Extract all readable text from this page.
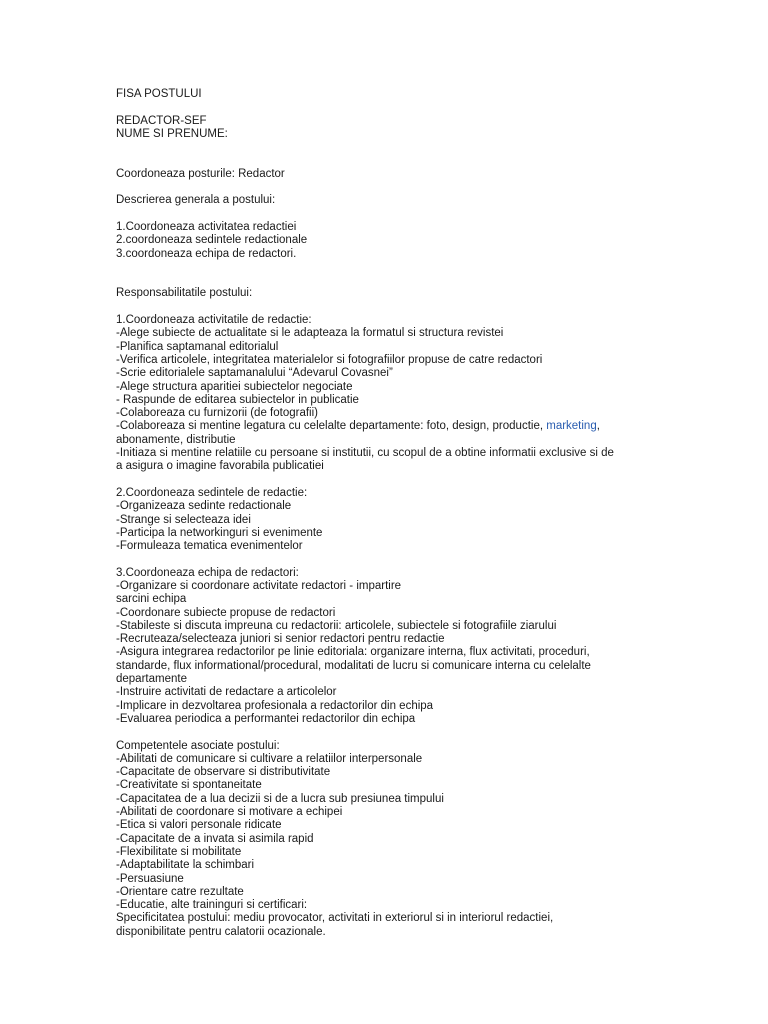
FISA POSTULUI
REDACTOR-SEF
NUME SI PRENUME:
Coordoneaza posturile: Redactor
Descrierea generala a postului:
1.Coordoneaza activitatea redactiei
2.coordoneaza sedintele redactionale
3.coordoneaza echipa de redactori.
Responsabilitatile postului:
1.Coordoneaza activitatile de redactie:
-Alege subiecte de actualitate si le adapteaza la formatul si structura revistei
-Planifica saptamanal editorialul
-Verifica articolele, integritatea materialelor si fotografiilor propuse de catre redactori
-Scrie editorialele saptamanalului “Adevarul Covasnei”
-Alege structura aparitiei subiectelor negociate
- Raspunde de editarea subiectelor in publicatie
-Colaboreaza cu furnizorii (de fotografii)
-Colaboreaza si mentine legatura cu celelalte departamente: foto, design, productie, marketing,
abonamente, distributie
-Initiaza si mentine relatiile cu persoane si institutii, cu scopul de a obtine informatii exclusive si de
a asigura o imagine favorabila publicatiei
2.Coordoneaza sedintele de redactie:
-Organizeaza sedinte redactionale
-Strange si selecteaza idei
-Participa la networkinguri si evenimente
-Formuleaza tematica evenimentelor
3.Coordoneaza echipa de redactori:
-Organizare si coordonare activitate redactori - impartire
sarcini echipa
-Coordonare subiecte propuse de redactori
-Stabileste si discuta impreuna cu redactorii: articolele, subiectele si fotografiile ziarului
-Recruteaza/selecteaza juniori si senior redactori pentru redactie
-Asigura integrarea redactorilor pe linie editoriala: organizare interna, flux activitati, proceduri,
standarde, flux informational/procedural, modalitati de lucru si comunicare interna cu celelalte
departamente
-Instruire activitati de redactare a articolelor
-Implicare in dezvoltarea profesionala a redactorilor din echipa
-Evaluarea periodica a performantei redactorilor din echipa
Competentele asociate postului:
-Abilitati de comunicare si cultivare a relatiilor interpersonale
-Capacitate de observare si distributivitate
-Creativitate si spontaneitate
-Capacitatea de a lua decizii si de a lucra sub presiunea timpului
-Abilitati de coordonare si motivare a echipei
-Etica si valori personale ridicate
-Capacitate de a invata si asimila rapid
-Flexibilitate si mobilitate
-Adaptabilitate la schimbari
-Persuasiune
-Orientare catre rezultate
-Educatie, alte traininguri si certificari:
Specificitatea postului: mediu provocator, activitati in exteriorul si in interiorul redactiei,
disponibilitate pentru calatorii ocazionale.
